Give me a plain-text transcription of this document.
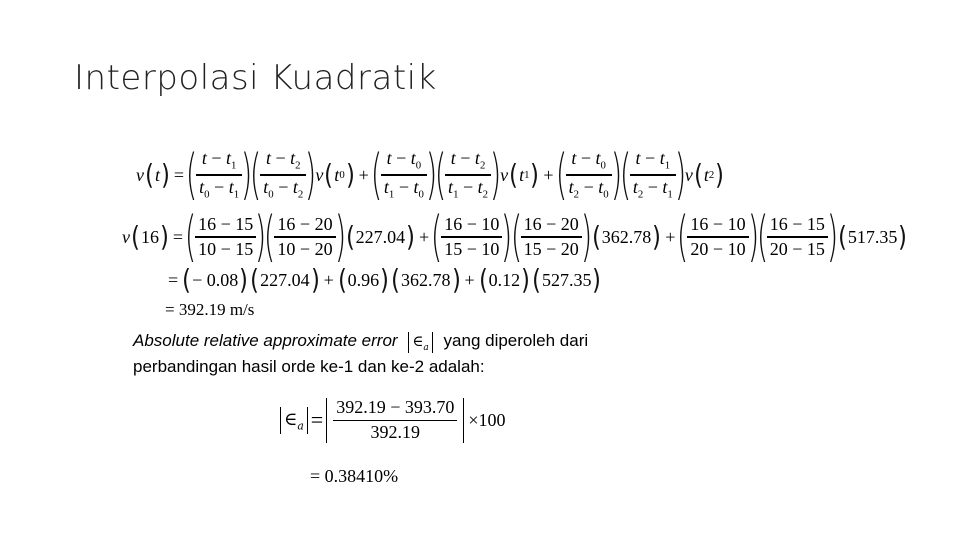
Interpolasi Kuadratik
v ( t ) = (
$\frac{t - t_1}{t_0 - t_1}$
)
(
$\frac{t - t_2}{t_0 - t_2}$
)
v ( t 0 ) + (
$\frac{t - t_0}{t_1 - t_0}$
)
(
$\frac{t - t_2}{t_1 - t_2}$
)
v ( t 1 ) + (
$\frac{t - t_0}{t_2 - t_0}$
)
(
$\frac{t - t_1}{t_2 - t_1}$
)
v ( t 2 )
v ( 16 ) = (
$\frac{16 - 15}{10 - 15}$
)
(
$\frac{16 - 20}{10 - 20}$
) ( 227.04 ) + (
$\frac{16 - 10}{15 - 10}$
)
(
$\frac{16 - 20}{15 - 20}$
) ( 362.78 ) + (
$\frac{16 - 10}{20 - 10}$
)
(
$\frac{16 - 15}{20 - 15}$
) ( 517.35 )
= ( − 0.08 ) ( 227.04 ) + ( 0.96 ) ( 362.78 ) + ( 0.12 ) ( 527.35 )
= 392.19 m/s
Absolute relative approximate error $\in_a$ yang diperoleh dari
perbandingan hasil orde ke-1 dan ke-2 adalah:
$\in_a = \frac{392.19 - 393.70}{392.19} \times 100$
= 0.38410%
